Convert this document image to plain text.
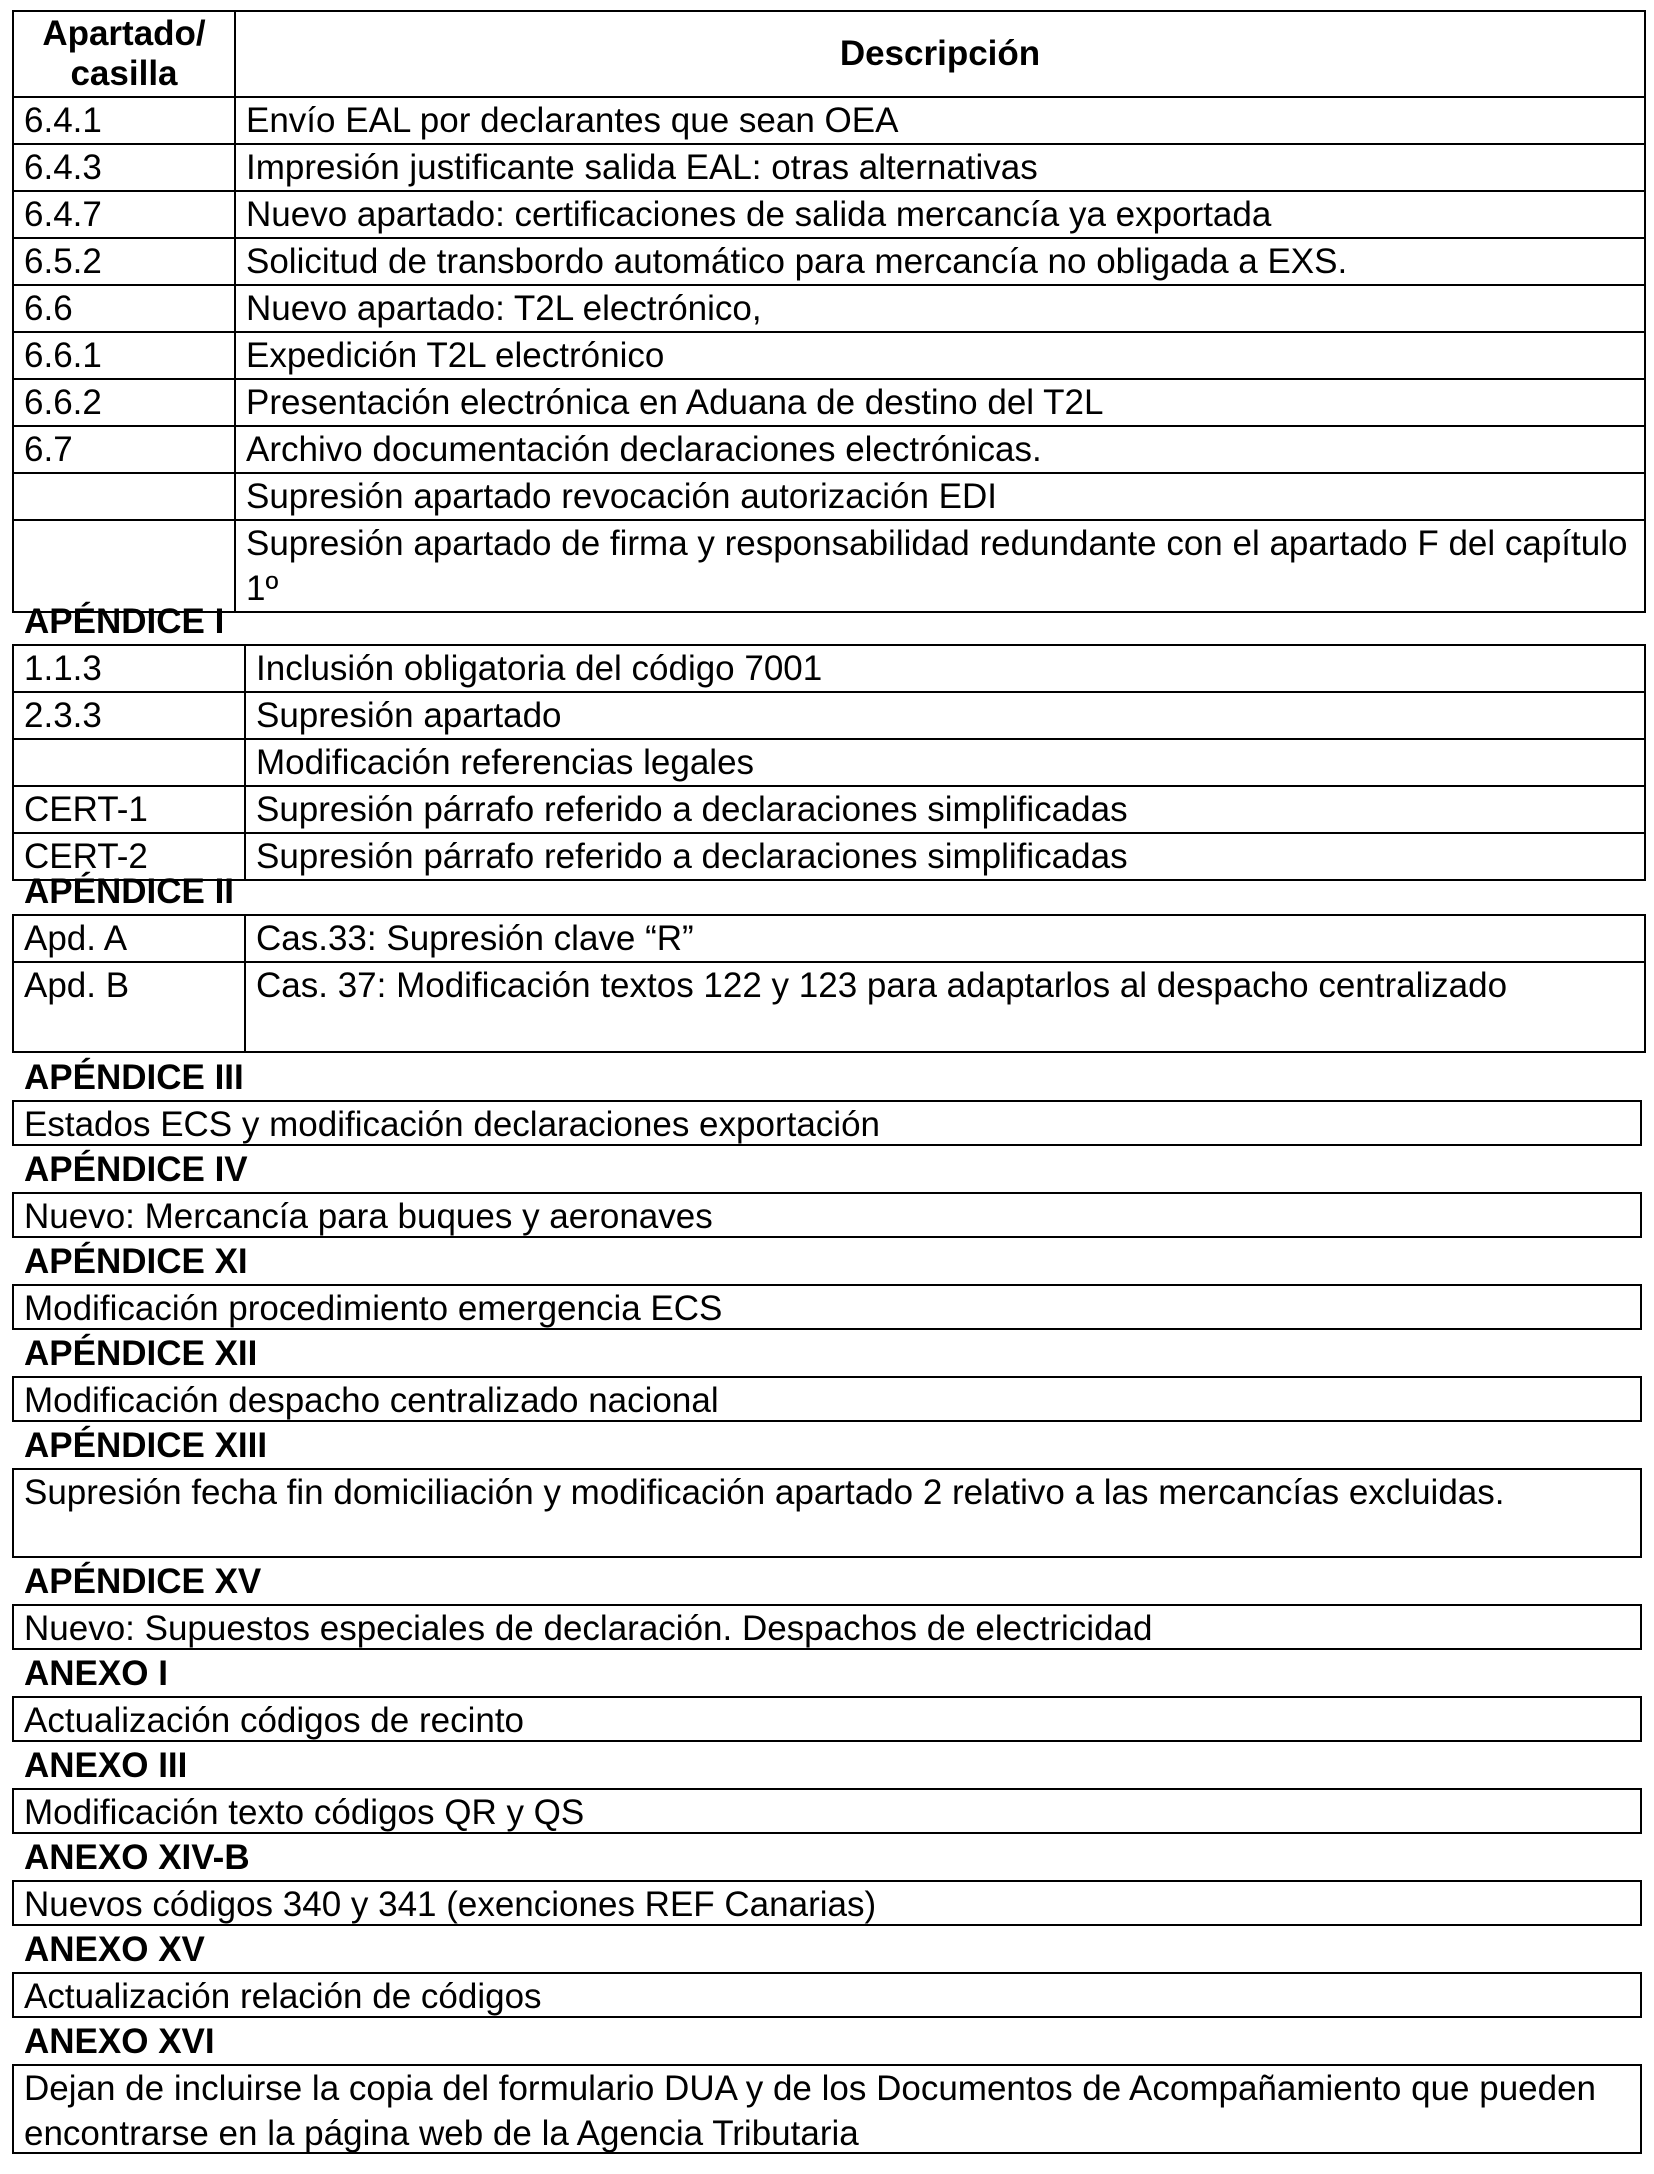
Apartado/ casilla	Descripción
6.4.1	Envío EAL por declarantes que sean OEA
6.4.3	Impresión justificante salida EAL: otras alternativas
6.4.7	Nuevo apartado: certificaciones de salida mercancía ya exportada
6.5.2	Solicitud de transbordo automático para mercancía no obligada a EXS.
6.6	Nuevo apartado: T2L electrónico,
6.6.1	Expedición T2L electrónico
6.6.2	Presentación electrónica en Aduana de destino del T2L
6.7	Archivo documentación declaraciones electrónicas.
	Supresión apartado revocación autorización EDI
	Supresión apartado de firma y responsabilidad redundante con el apartado F del capítulo 1º
APÉNDICE I
1.1.3	Inclusión obligatoria del código 7001
2.3.3	Supresión apartado
	Modificación referencias legales
CERT-1	Supresión párrafo referido a declaraciones simplificadas
CERT-2	Supresión párrafo referido a declaraciones simplificadas
APÉNDICE II
Apd. A	Cas.33: Supresión clave “R”
Apd. B	Cas. 37: Modificación textos 122 y 123 para adaptarlos al despacho centralizado
APÉNDICE III
Estados ECS y modificación declaraciones exportación
APÉNDICE IV
Nuevo: Mercancía para buques y aeronaves
APÉNDICE XI
Modificación procedimiento emergencia ECS
APÉNDICE XII
Modificación despacho centralizado nacional
APÉNDICE XIII
Supresión fecha fin domiciliación y modificación apartado 2 relativo a las mercancías excluidas.
APÉNDICE XV
Nuevo: Supuestos especiales de declaración. Despachos de electricidad
ANEXO I
Actualización códigos de recinto
ANEXO III
Modificación texto códigos QR y QS
ANEXO XIV-B
Nuevos códigos 340 y 341 (exenciones REF Canarias)
ANEXO XV
Actualización relación de códigos
ANEXO XVI
Dejan de incluirse la copia del formulario DUA y de los Documentos de Acompañamiento que pueden encontrarse en la página web de la Agencia Tributaria
